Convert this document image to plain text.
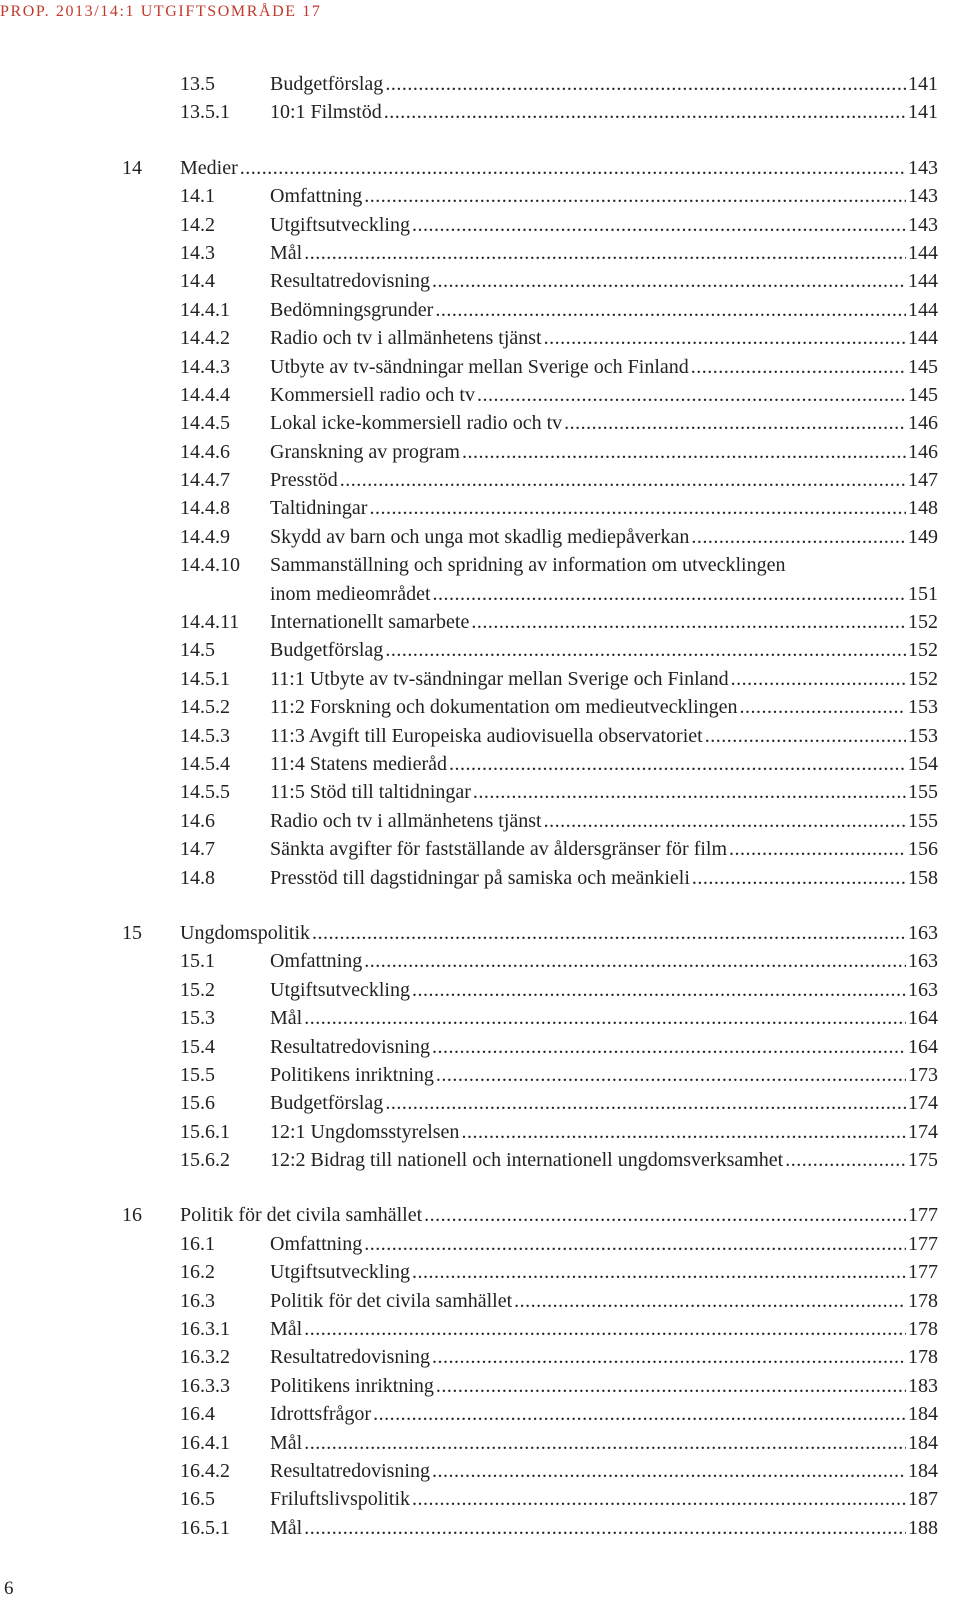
PROP. 2013/14:1 UTGIFTSOMRÅDE 17
13.5	Budgetförslag .....	141
13.5.1 10:1 Filmstöd .....	141
14 Medier .....	143
14.1	Omfattning .....	143
14.2	Utgiftsutveckling .....	143
14.3	Mål .....	144
14.4	Resultatredovisning .....	144
14.4.1 Bedömningsgrunder .....	144
14.4.2 Radio och tv i allmänhetens tjänst .....	144
14.4.3 Utbyte av tv-sändningar mellan Sverige och Finland .....	145
14.4.4 Kommersiell radio och tv .....	145
14.4.5 Lokal icke-kommersiell radio och tv .....	146
14.4.6 Granskning av program .....	146
14.4.7 Presstöd .....	147
14.4.8 Taltidningar .....	148
14.4.9 Skydd av barn och unga mot skadlig mediepåverkan .....	149
14.4.10 Sammanställning och spridning av information om utvecklingen
inom medieområdet .....	151
14.4.11 Internationellt samarbete .....	152
14.5	Budgetförslag .....	152
14.5.1 11:1 Utbyte av tv-sändningar mellan Sverige och Finland .....	152
14.5.2 11:2 Forskning och dokumentation om medieutvecklingen .....	153
14.5.3 11:3 Avgift till Europeiska audiovisuella observatoriet .....	153
14.5.4 11:4 Statens medieråd .....	154
14.5.5 11:5 Stöd till taltidningar .....	155
14.6	Radio och tv i allmänhetens tjänst .....	155
14.7	Sänkta avgifter för fastställande av åldersgränser för film .....	156
14.8	Presstöd till dagstidningar på samiska och meänkieli .....	158
15 Ungdomspolitik .....	163
15.1	Omfattning .....	163
15.2	Utgiftsutveckling .....	163
15.3	Mål .....	164
15.4	Resultatredovisning .....	164
15.5	Politikens inriktning .....	173
15.6	Budgetförslag .....	174
15.6.1 12:1 Ungdomsstyrelsen .....	174
15.6.2 12:2 Bidrag till nationell och internationell ungdomsverksamhet .....	175
16 Politik för det civila samhället .....	177
16.1	Omfattning .....	177
16.2	Utgiftsutveckling .....	177
16.3	Politik för det civila samhället .....	178
16.3.1 Mål .....	178
16.3.2 Resultatredovisning .....	178
16.3.3 Politikens inriktning .....	183
16.4	Idrottsfrågor .....	184
16.4.1 Mål .....	184
16.4.2 Resultatredovisning .....	184
16.5	Friluftslivspolitik .....	187
16.5.1 Mål .....	188
6
